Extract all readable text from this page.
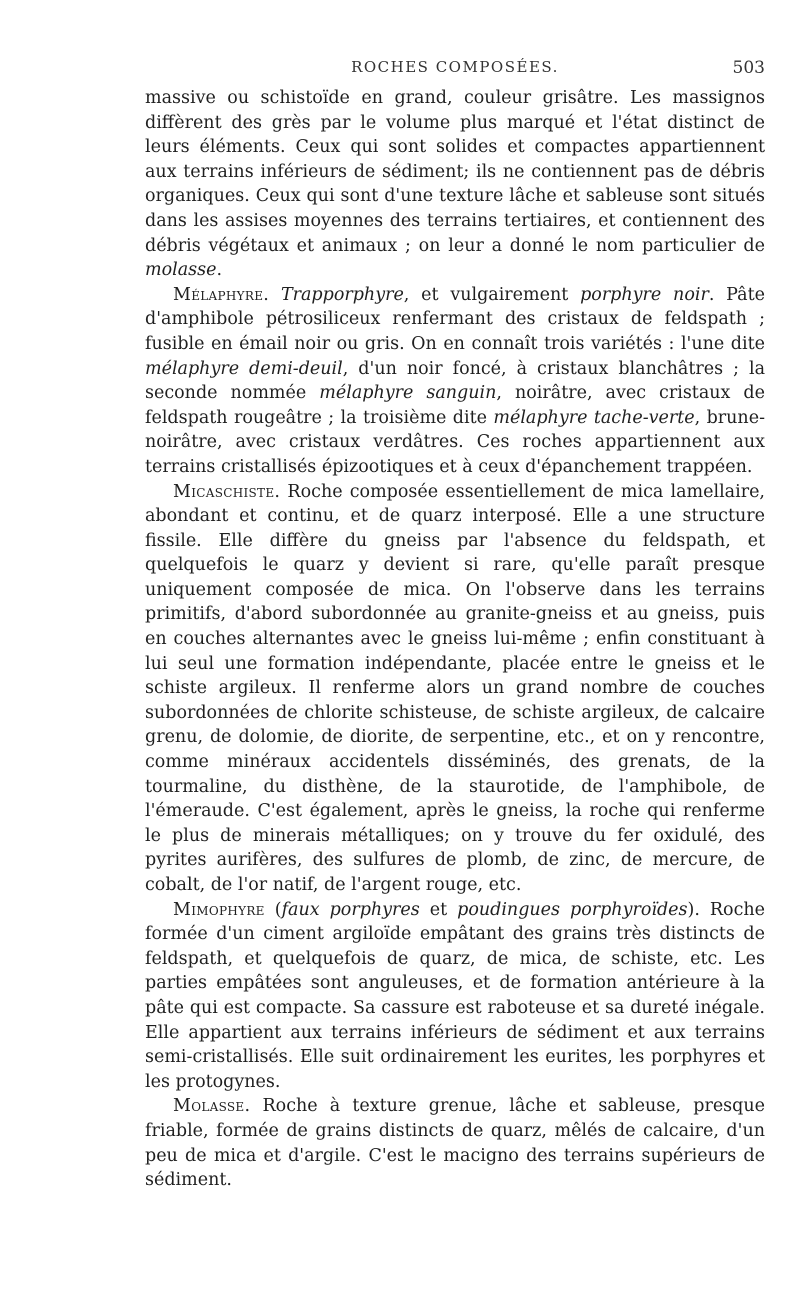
ROCHES COMPOSÉES.	503

massive ou schistoïde en grand, couleur grisâtre. Les massignos diffèrent des grès par le volume plus marqué et l'état distinct de leurs éléments. Ceux qui sont solides et compactes appartiennent aux terrains inférieurs de sédiment; ils ne contiennent pas de débris organiques. Ceux qui sont d'une texture lâche et sableuse sont situés dans les assises moyennes des terrains tertiaires, et contiennent des débris végétaux et animaux ; on leur a donné le nom particulier de molasse.

Mélaphyre. Trapporphyre, et vulgairement porphyre noir. Pâte d'amphibole pétrosiliceux renfermant des cristaux de feldspath ; fusible en émail noir ou gris. On en connaît trois variétés : l'une dite mélaphyre demi-deuil, d'un noir foncé, à cristaux blanchâtres ; la seconde nommée mélaphyre sanguin, noirâtre, avec cristaux de feldspath rougeâtre ; la troisième dite mélaphyre tache-verte, brune-noirâtre, avec cristaux verdâtres. Ces roches appartiennent aux terrains cristallisés épizootiques et à ceux d'épanchement trappéen.

Micaschiste. Roche composée essentiellement de mica lamellaire, abondant et continu, et de quarz interposé. Elle a une structure fissile. Elle diffère du gneiss par l'absence du feldspath, et quelquefois le quarz y devient si rare, qu'elle paraît presque uniquement composée de mica. On l'observe dans les terrains primitifs, d'abord subordonnée au granite-gneiss et au gneiss, puis en couches alternantes avec le gneiss lui-même ; enfin constituant à lui seul une formation indépendante, placée entre le gneiss et le schiste argileux. Il renferme alors un grand nombre de couches subordonnées de chlorite schisteuse, de schiste argileux, de calcaire grenu, de dolomie, de diorite, de serpentine, etc., et on y rencontre, comme minéraux accidentels disséminés, des grenats, de la tourmaline, du disthène, de la staurotide, de l'amphibole, de l'émeraude. C'est également, après le gneiss, la roche qui renferme le plus de minerais métalliques; on y trouve du fer oxidulé, des pyrites aurifères, des sulfures de plomb, de zinc, de mercure, de cobalt, de l'or natif, de l'argent rouge, etc.

Mimophyre (faux porphyres et poudingues porphyroïdes). Roche formée d'un ciment argiloïde empâtant des grains très distincts de feldspath, et quelquefois de quarz, de mica, de schiste, etc. Les parties empâtées sont anguleuses, et de formation antérieure à la pâte qui est compacte. Sa cassure est raboteuse et sa dureté inégale. Elle appartient aux terrains inférieurs de sédiment et aux terrains semi-cristallisés. Elle suit ordinairement les eurites, les porphyres et les protogynes.

Molasse. Roche à texture grenue, lâche et sableuse, presque friable, formée de grains distincts de quarz, mêlés de calcaire, d'un peu de mica et d'argile. C'est le macigno des terrains supérieurs de sédiment.
